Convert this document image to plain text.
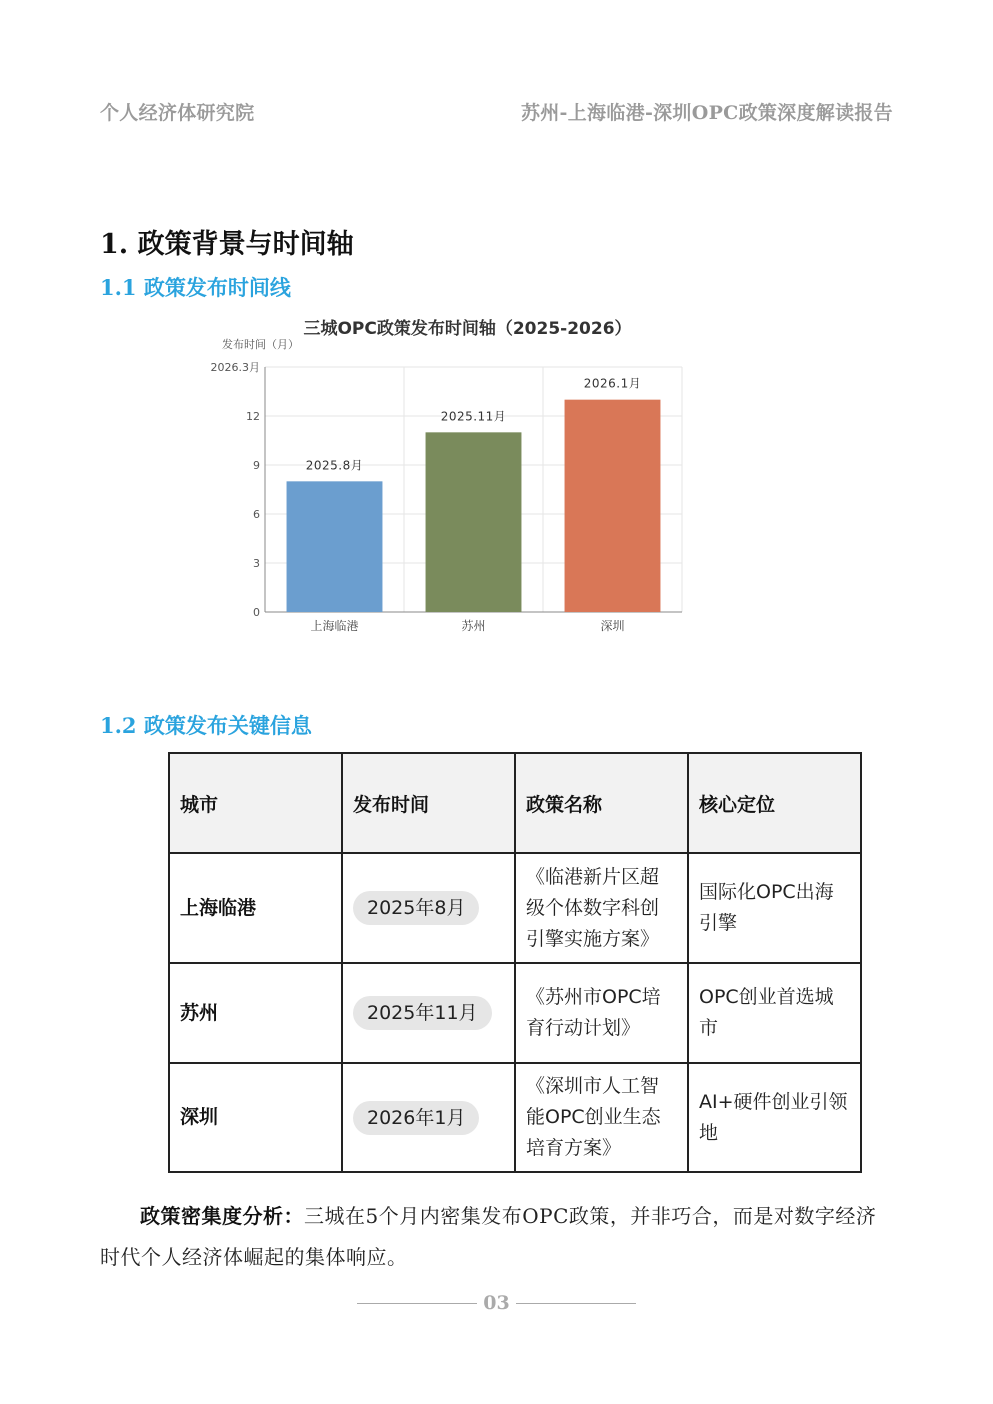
个人经济体研究院	苏州-上海临港-深圳OPC政策深度解读报告
1. 政策背景与时间轴
1.1 政策发布时间线
三城OPC政策发布时间轴（2025-2026）
发布时间（月）
0
3
6
9
12
2026.3月
2025.8月
上海临港
2025.11月
苏州
2026.1月
深圳
1.2 政策发布关键信息
城市	发布时间	政策名称	核心定位
上海临港	2025年8月	《临港新片区超级个体数字科创引擎实施方案》	国际化OPC出海引擎
苏州	2025年11月	《苏州市OPC培育行动计划》	OPC创业首选城市
深圳	2026年1月	《深圳市人工智能OPC创业生态培育方案》	AI+硬件创业引领地
政策密集度分析：三城在5个月内密集发布OPC政策，并非巧合，而是对数字经济时代个人经济体崛起的集体响应。
03
